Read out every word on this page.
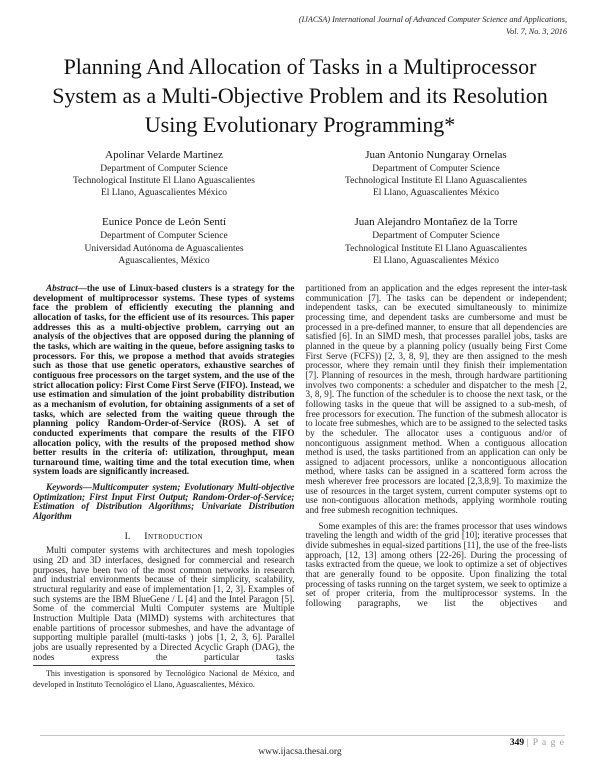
(IJACSA) International Journal of Advanced Computer Science and Applications,
Vol. 7, No. 3, 2016
Planning And Allocation of Tasks in a Multiprocessor System as a Multi-Objective Problem and its Resolution Using Evolutionary Programming*
Apolinar Velarde Martinez
Department of Computer Science
Technological Institute El Llano Aguascalientes
El Llano, Aguascalientes México
Juan Antonio Nungaray Ornelas
Department of Computer Science
Technological Institute El Llano Aguascalientes
El Llano, Aguascalientes México
Eunice Ponce de León Sentí
Department of Computer Science
Universidad Autónoma de Aguascalientes
Aguascalientes, México
Juan Alejandro Montañez de la Torre
Department of Computer Science
Technological Institute El Llano Aguascalientes
El Llano, Aguascalientes México

Abstract—the use of Linux-based clusters is a strategy for the development of multiprocessor systems. These types of systems face the problem of efficiently executing the planning and allocation of tasks, for the efficient use of its resources. This paper addresses this as a multi-objective problem, carrying out an analysis of the objectives that are opposed during the planning of the tasks, which are waiting in the queue, before assigning tasks to processors. For this, we propose a method that avoids strategies such as those that use genetic operators, exhaustive searches of contiguous free processors on the target system, and the use of the strict allocation policy: First Come First Serve (FIFO). Instead, we use estimation and simulation of the joint probability distribution as a mechanism of evolution, for obtaining assignments of a set of tasks, which are selected from the waiting queue through the planning policy Random-Order-of-Service (ROS). A set of conducted experiments that compare the results of the FIFO allocation policy, with the results of the proposed method show better results in the criteria of: utilization, throughput, mean turnaround time, waiting time and the total execution time, when system loads are significantly increased.

Keywords—Multicomputer system; Evolutionary Multi-objective Optimization; First Input First Output; Random-Order-of-Service; Estimation of Distribution Algorithms; Univariate Distribution Algorithm

I. Introduction

Multi computer systems with architectures and mesh topologies using 2D and 3D interfaces, designed for commercial and research purposes, have been two of the most common networks in research and industrial environments because of their simplicity, scalability, structural regularity and ease of implementation [1, 2, 3]. Examples of such systems are the IBM BlueGene / L [4] and the Intel Paragon [5]. Some of the commercial Multi Computer systems are Multiple Instruction Multiple Data (MIMD) systems with architectures that enable partitions of processor submeshes, and have the advantage of supporting multiple parallel (multi-tasks ) jobs [1, 2, 3, 6]. Parallel jobs are usually represented by a Directed Acyclic Graph (DAG), the nodes express the particular tasks

This investigation is sponsored by Tecnológico Nacional de México, and developed in Instituto Tecnológico el Llano, Aguascalientes, México.

partitioned from an application and the edges represent the inter-task communication [7]. The tasks can be dependent or independent; independent tasks, can be executed simultaneously to minimize processing time, and dependent tasks are cumbersome and must be processed in a pre-defined manner, to ensure that all dependencies are satisfied [6]. In an SIMD mesh, that processes parallel jobs, tasks are planned in the queue by a planning policy (usually being First Come First Serve (FCFS)) [2, 3, 8, 9], they are then assigned to the mesh processor, where they remain until they finish their implementation [7]. Planning of resources in the mesh, through hardware partitioning involves two components: a scheduler and dispatcher to the mesh [2, 3, 8, 9]. The function of the scheduler is to choose the next task, or the following tasks in the queue that will be assigned to a sub-mesh, of free processors for execution. The function of the submesh allocator is to locate free submeshes, which are to be assigned to the selected tasks by the scheduler. The allocator uses a contiguous and/or of noncontiguous assignment method. When a contiguous allocation method is used, the tasks partitioned from an application can only be assigned to adjacent processors, unlike a noncontiguous allocation method, where tasks can be assigned in a scattered form across the mesh wherever free processors are located [2,3,8,9]. To maximize the use of resources in the target system, current computer systems opt to use non-contiguous allocation methods, applying wormhole routing and free submesh recognition techniques.

Some examples of this are: the frames processor that uses windows traveling the length and width of the grid [10]; iterative processes that divide submeshes in equal-sized partitions [11], the use of the free-lists approach, [12, 13] among others [22-26]. During the processing of tasks extracted from the queue, we look to optimize a set of objectives that are generally found to be opposite. Upon finalizing the total processing of tasks running on the target system, we seek to optimize a set of proper criteria, from the multiprocessor systems. In the following paragraphs, we list the objectives and

349 | P a g e
www.ijacsa.thesai.org
